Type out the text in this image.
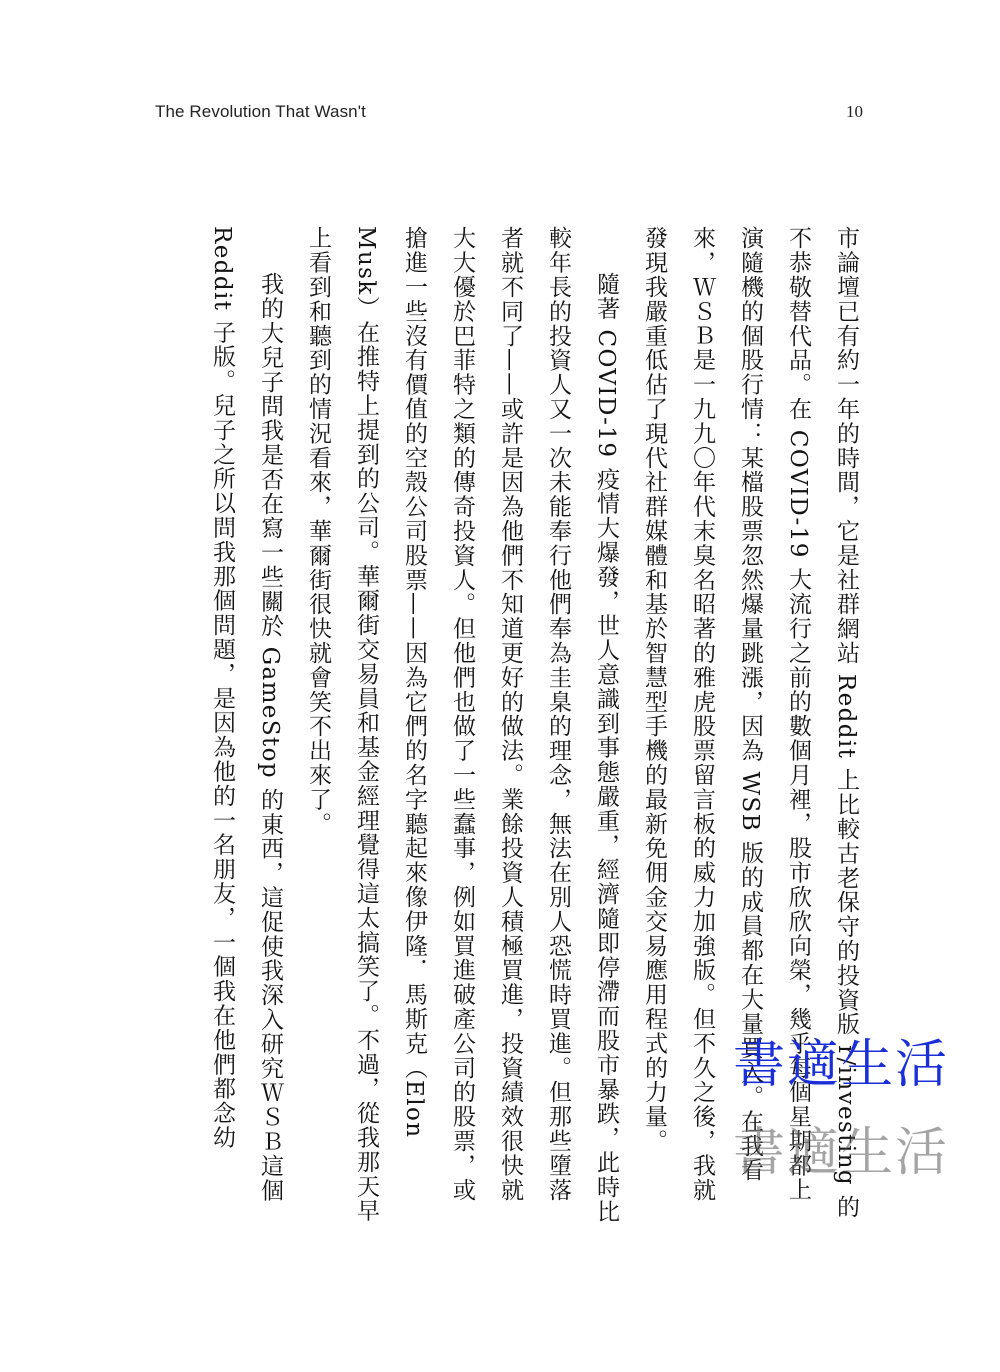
The Revolution That Wasn't	10

市論壇已有約一年的時間，它是社群網站 Reddit 上比較古老保守的投資版 r/investing 的不恭敬替代品。在 COVID-19 大流行之前的數個月裡，股市欣欣向榮，幾乎每個星期都上演隨機的個股行情：某檔股票忽然爆量跳漲，因為 WSB 版的成員都在大量買入。在我看來，ＷＳＢ是一九九〇年代末臭名昭著的雅虎股票留言板的威力加強版。但不久之後，我就發現我嚴重低估了現代社群媒體和基於智慧型手機的最新免佣金交易應用程式的力量。

隨著 COVID-19 疫情大爆發，世人意識到事態嚴重，經濟隨即停滯而股市暴跌，此時比較年長的投資人又一次未能奉行他們奉為圭臬的理念，無法在別人恐慌時買進。但那些墮落者就不同了——或許是因為他們不知道更好的做法。業餘投資人積極買進，投資績效很快就大大優於巴菲特之類的傳奇投資人。但他們也做了一些蠢事，例如買進破產公司的股票，或搶進一些沒有價值的空殼公司股票——因為它們的名字聽起來像伊隆．馬斯克（Elon Musk）在推特上提到的公司。華爾街交易員和基金經理覺得這太搞笑了。不過，從我那天早上看到和聽到的情況看來，華爾街很快就會笑不出來了。

我的大兒子問我是否在寫一些關於 GameStop 的東西，這促使我深入研究ＷＳＢ這個 Reddit 子版。兒子之所以問我那個問題，是因為他的一名朋友，一個我在他們都念幼	書適生活
書適生活
